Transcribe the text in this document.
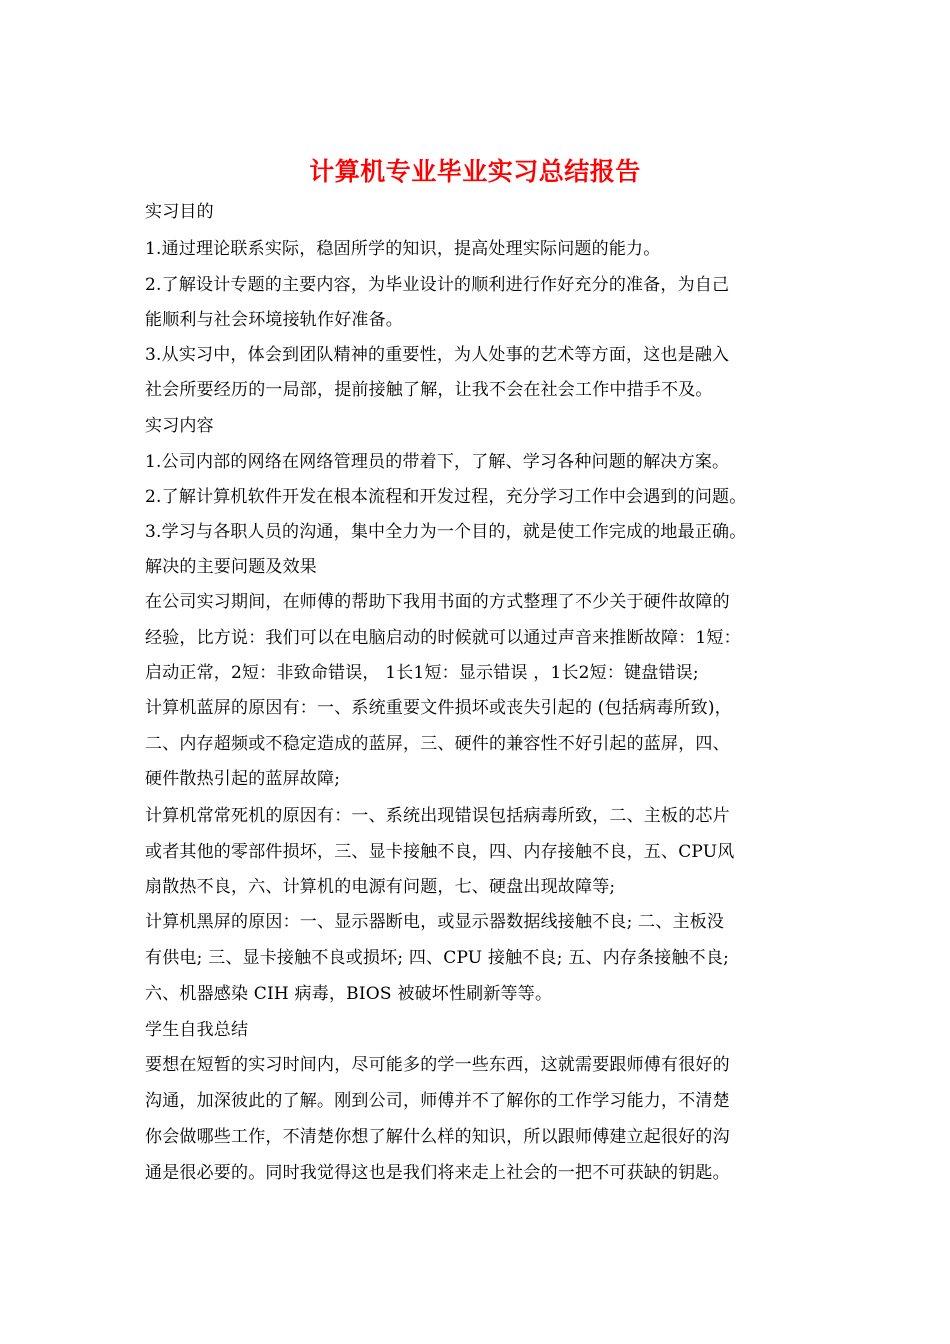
计算机专业毕业实习总结报告
实习目的
1.通过理论联系实际，稳固所学的知识，提高处理实际问题的能力。
2.了解设计专题的主要内容，为毕业设计的顺利进行作好充分的准备，为自己
能顺利与社会环境接轨作好准备。
3.从实习中，体会到团队精神的重要性，为人处事的艺术等方面，这也是融入
社会所要经历的一局部，提前接触了解，让我不会在社会工作中措手不及。
实习内容
1.公司内部的网络在网络管理员的带着下，了解、学习各种问题的解决方案。
2.了解计算机软件开发在根本流程和开发过程，充分学习工作中会遇到的问题。
3.学习与各职人员的沟通，集中全力为一个目的，就是使工作完成的地最正确。
解决的主要问题及效果
在公司实习期间，在师傅的帮助下我用书面的方式整理了不少关于硬件故障的
经验，比方说：我们可以在电脑启动的时候就可以通过声音来推断故障：1短：
启动正常，2短：非致命错误， 1长1短：显示错误 ，1长2短：键盘错误;
计算机蓝屏的原因有：一、系统重要文件损坏或丧失引起的 (包括病毒所致)，
二、内存超频或不稳定造成的蓝屏，三、硬件的兼容性不好引起的蓝屏，四、
硬件散热引起的蓝屏故障;
计算机常常死机的原因有：一、系统出现错误包括病毒所致，二、主板的芯片
或者其他的零部件损坏，三、显卡接触不良，四、内存接触不良，五、CPU风
扇散热不良，六、计算机的电源有问题，七、硬盘出现故障等;
计算机黑屏的原因：一、显示器断电，或显示器数据线接触不良; 二、主板没
有供电; 三、显卡接触不良或损坏; 四、CPU 接触不良; 五、内存条接触不良;
六、机器感染 CIH 病毒，BIOS 被破坏性刷新等等。
学生自我总结
要想在短暂的实习时间内，尽可能多的学一些东西，这就需要跟师傅有很好的
沟通，加深彼此的了解。刚到公司，师傅并不了解你的工作学习能力，不清楚
你会做哪些工作，不清楚你想了解什么样的知识，所以跟师傅建立起很好的沟
通是很必要的。同时我觉得这也是我们将来走上社会的一把不可获缺的钥匙。
